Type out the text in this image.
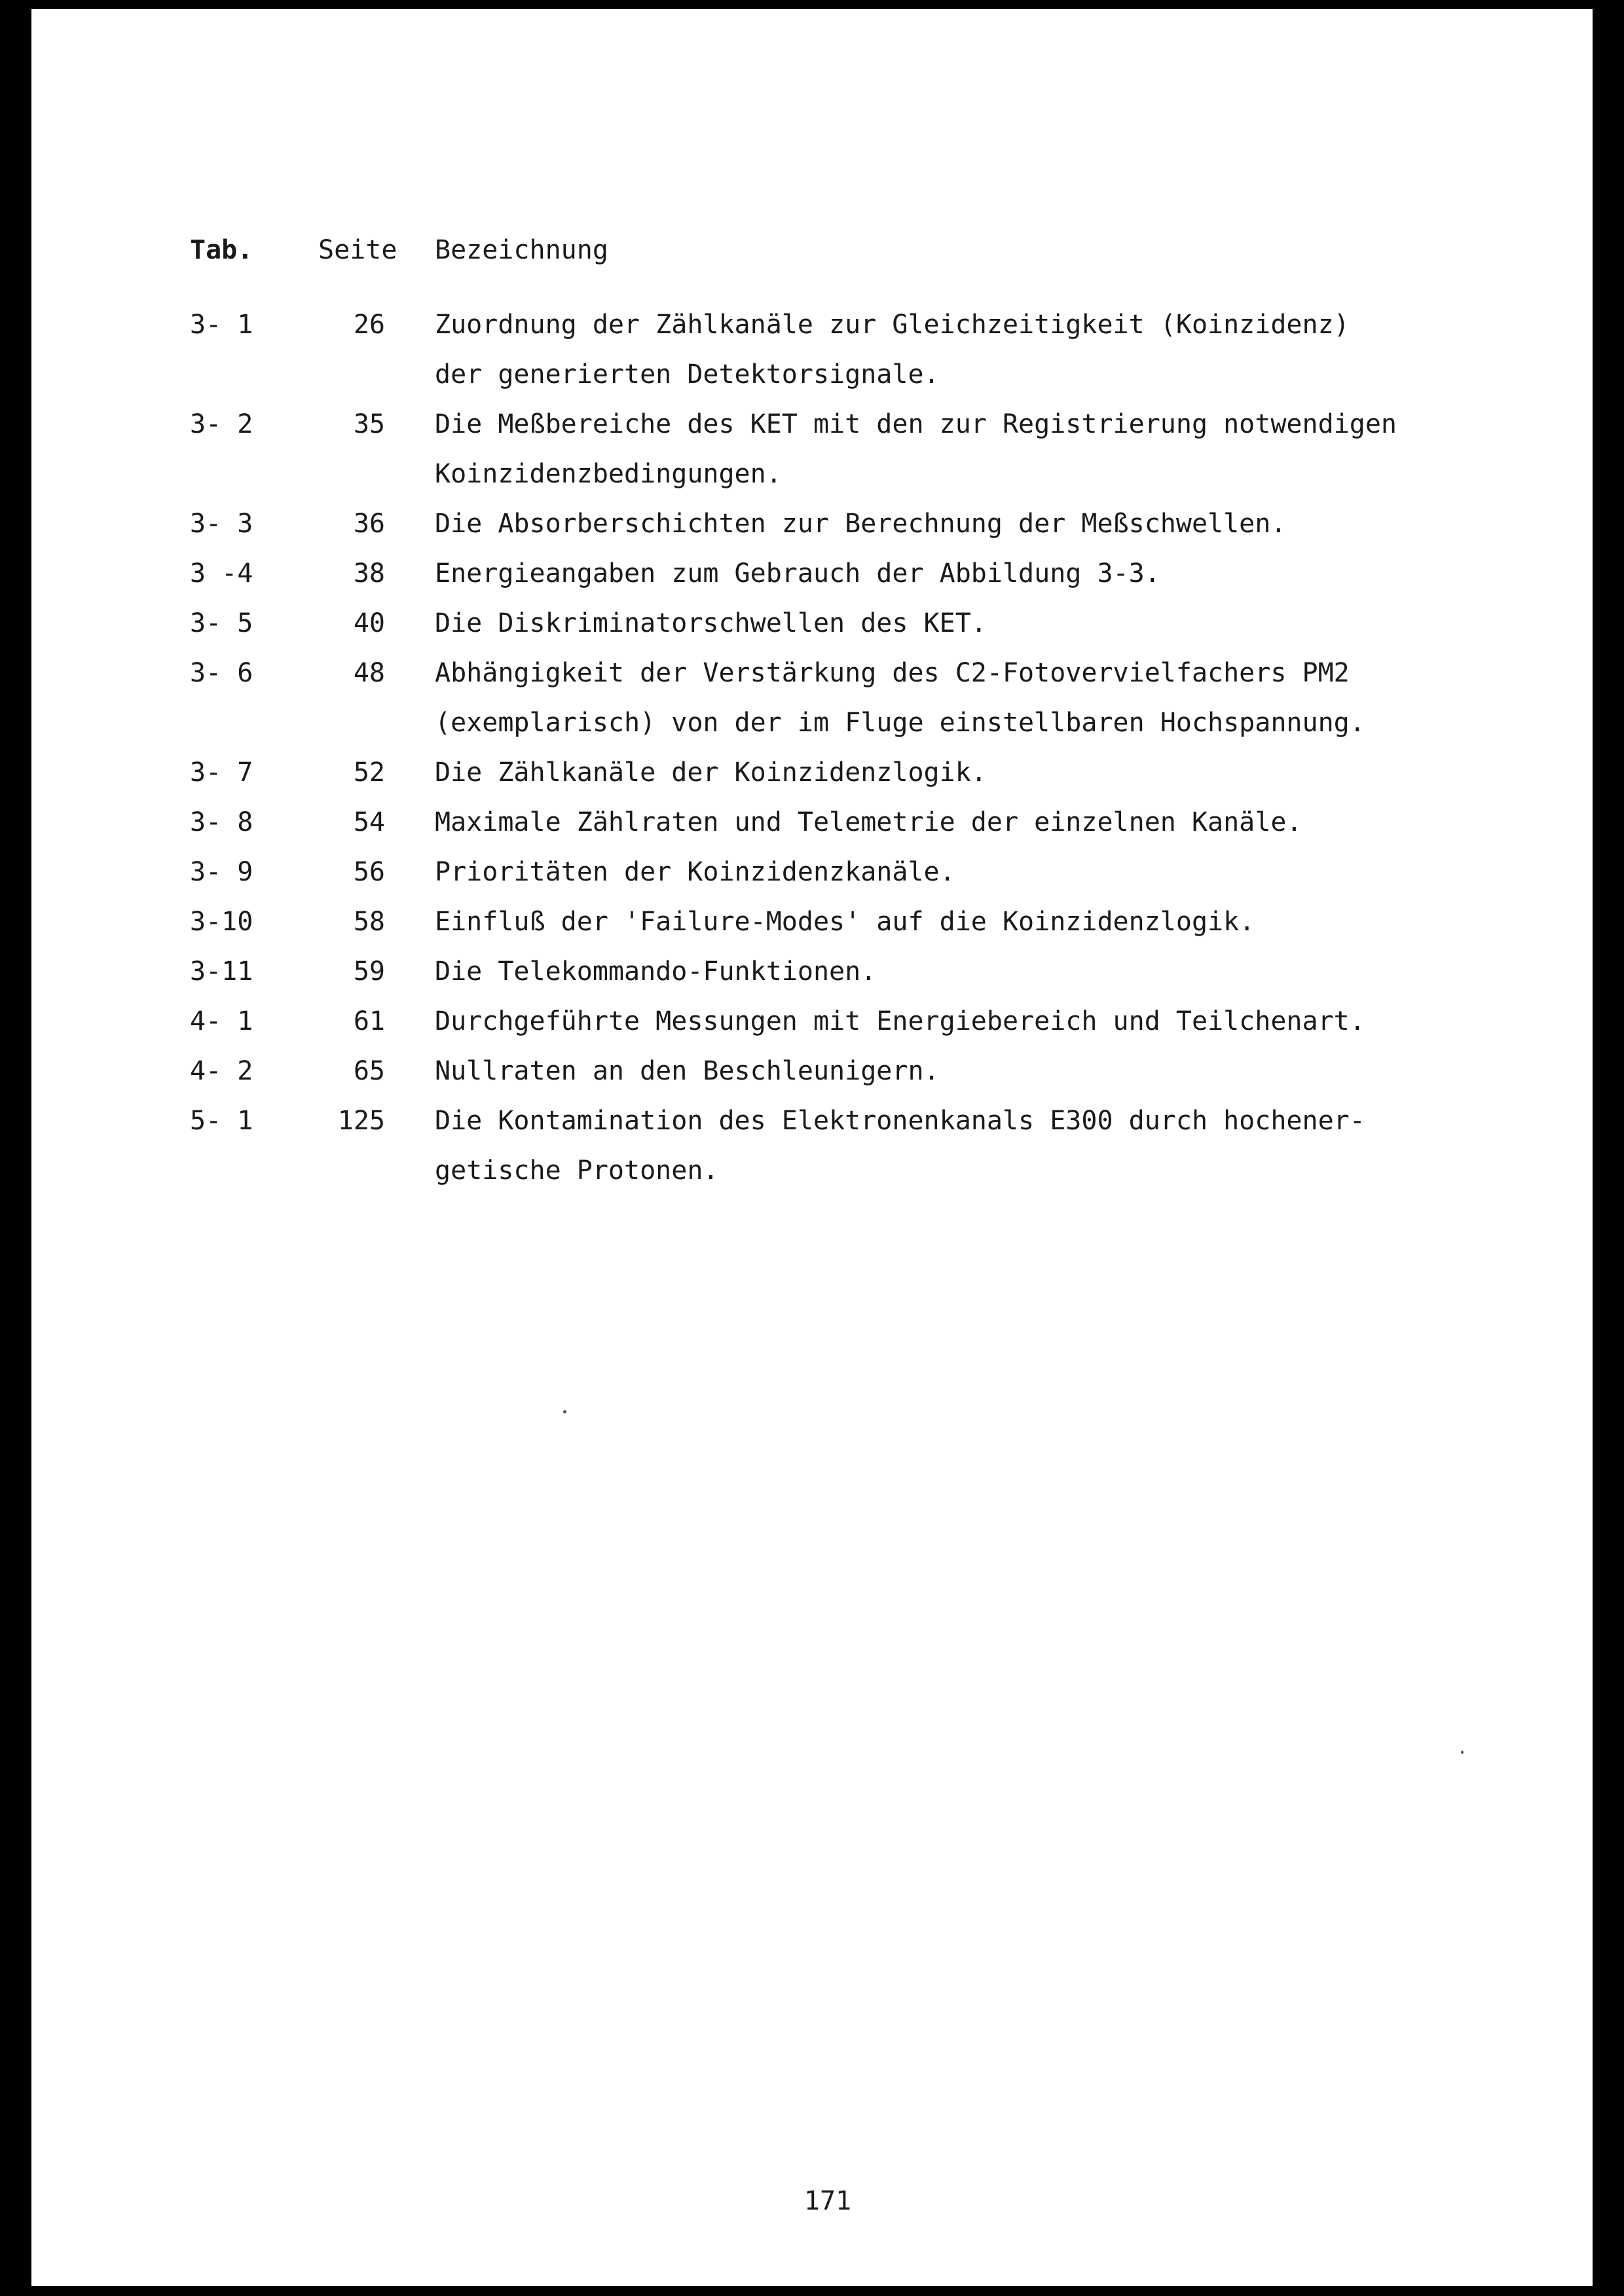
Tab. Seite Bezeichnung
3- 1	26 Zuordnung der Zählkanäle zur Gleichzeitigkeit (Koinzidenz)
der generierten Detektorsignale.
3- 2	35 Die Meßbereiche des KET mit den zur Registrierung notwendigen
Koinzidenzbedingungen.
3- 3	36 Die Absorberschichten zur Berechnung der Meßschwellen.
3 -4	38 Energieangaben zum Gebrauch der Abbildung 3-3.
3- 5	40 Die Diskriminatorschwellen des KET.
3- 6	48 Abhängigkeit der Verstärkung des C2-Fotovervielfachers PM2
(exemplarisch) von der im Fluge einstellbaren Hochspannung.
3- 7	52 Die Zählkanäle der Koinzidenzlogik.
3- 8	54 Maximale Zählraten und Telemetrie der einzelnen Kanäle.
3- 9	56 Prioritäten der Koinzidenzkanäle.
3-10	58 Einfluß der 'Failure-Modes' auf die Koinzidenzlogik.
3-11	59 Die Telekommando-Funktionen.
4- 1	61 Durchgeführte Messungen mit Energiebereich und Teilchenart.
4- 2	65 Nullraten an den Beschleunigern.
5- 1	125 Die Kontamination des Elektronenkanals E300 durch hochener-
getische Protonen.
171
